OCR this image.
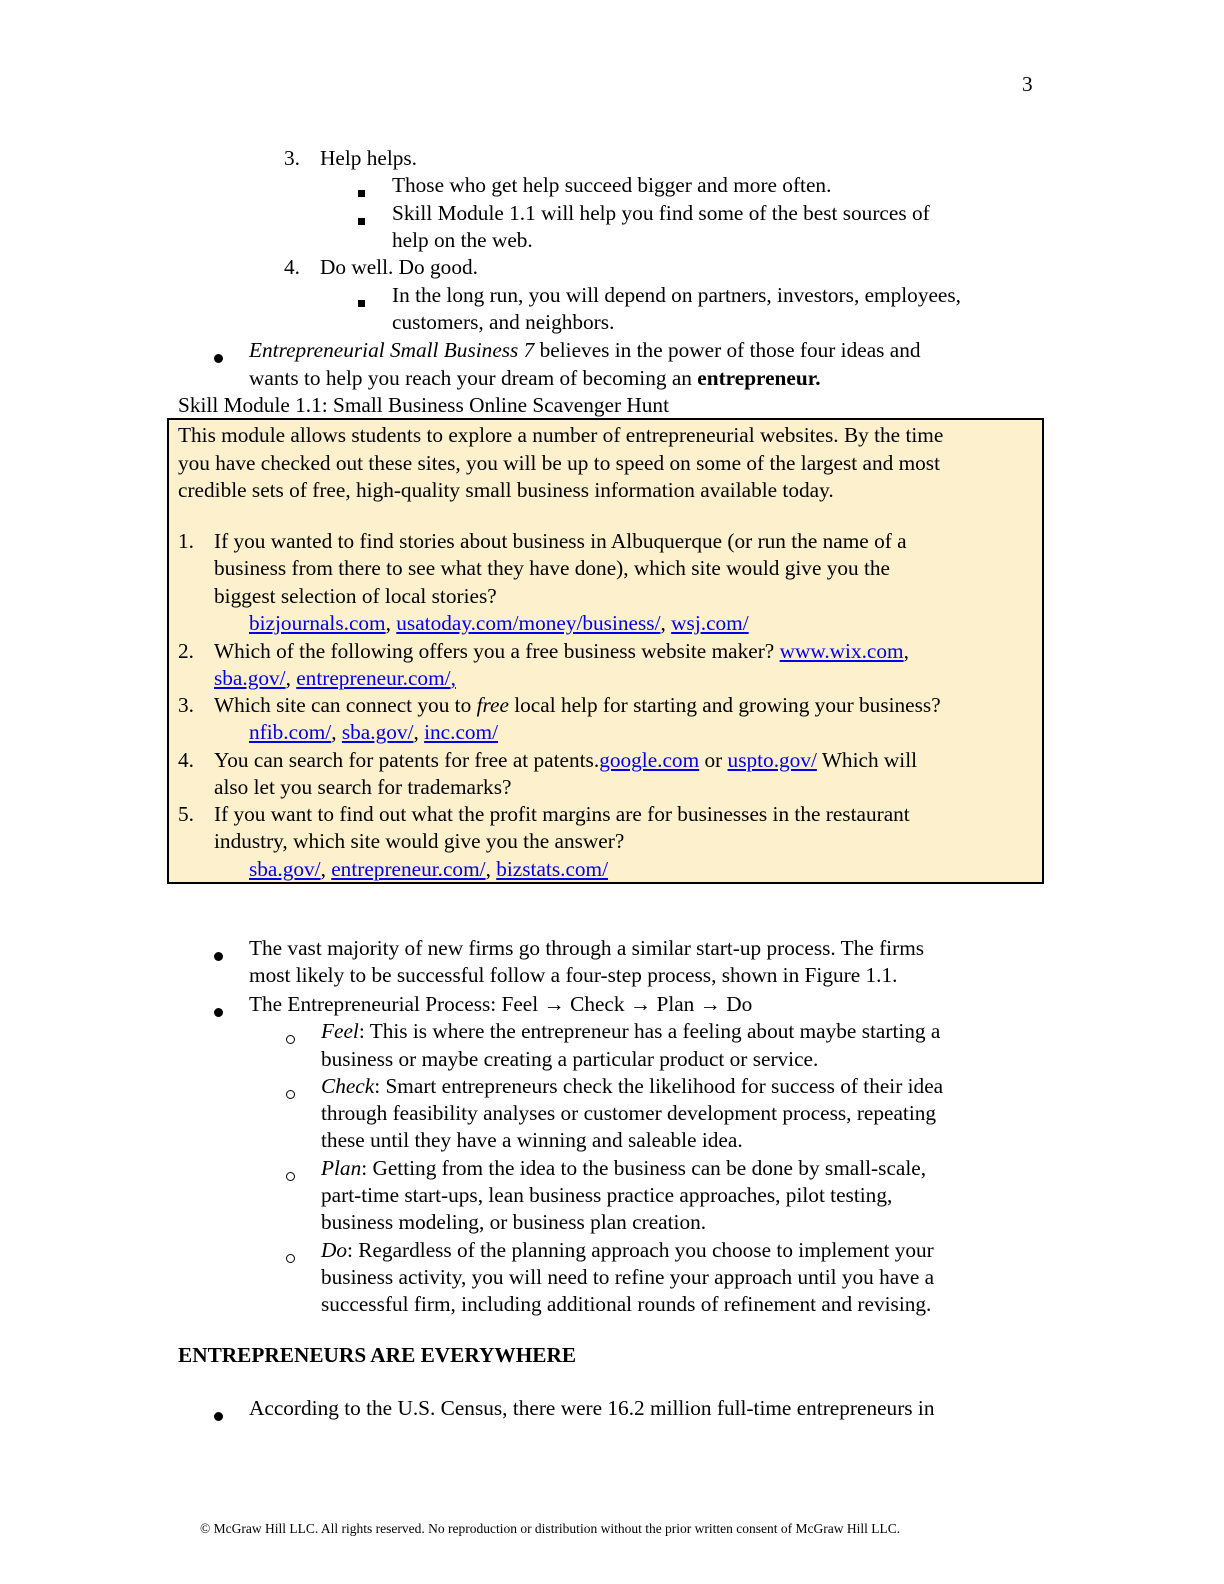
3
3. Help helps.
Those who get help succeed bigger and more often.
Skill Module 1.1 will help you find some of the best sources of
help on the web.
4. Do well. Do good.
In the long run, you will depend on partners, investors, employees,
customers, and neighbors.
Entrepreneurial Small Business 7 believes in the power of those four ideas and
wants to help you reach your dream of becoming an entrepreneur.
Skill Module 1.1: Small Business Online Scavenger Hunt
This module allows students to explore a number of entrepreneurial websites. By the time
you have checked out these sites, you will be up to speed on some of the largest and most
credible sets of free, high-quality small business information available today.
1. If you wanted to find stories about business in Albuquerque (or run the name of a
business from there to see what they have done), which site would give you the
biggest selection of local stories?
bizjournals.com, usatoday.com/money/business/, wsj.com/
2. Which of the following offers you a free business website maker? www.wix.com,
sba.gov/, entrepreneur.com/,
3. Which site can connect you to free local help for starting and growing your business?
nfib.com/, sba.gov/, inc.com/
4. You can search for patents for free at patents.google.com or uspto.gov/ Which will
also let you search for trademarks?
5. If you want to find out what the profit margins are for businesses in the restaurant
industry, which site would give you the answer?
sba.gov/, entrepreneur.com/, bizstats.com/
The vast majority of new firms go through a similar start-up process. The firms
most likely to be successful follow a four-step process, shown in Figure 1.1.
The Entrepreneurial Process: Feel → Check → Plan → Do
Feel: This is where the entrepreneur has a feeling about maybe starting a
business or maybe creating a particular product or service.
Check: Smart entrepreneurs check the likelihood for success of their idea
through feasibility analyses or customer development process, repeating
these until they have a winning and saleable idea.
Plan: Getting from the idea to the business can be done by small-scale,
part-time start-ups, lean business practice approaches, pilot testing,
business modeling, or business plan creation.
Do: Regardless of the planning approach you choose to implement your
business activity, you will need to refine your approach until you have a
successful firm, including additional rounds of refinement and revising.
ENTREPRENEURS ARE EVERYWHERE
According to the U.S. Census, there were 16.2 million full-time entrepreneurs in
© McGraw Hill LLC. All rights reserved. No reproduction or distribution without the prior written consent of McGraw Hill LLC.
